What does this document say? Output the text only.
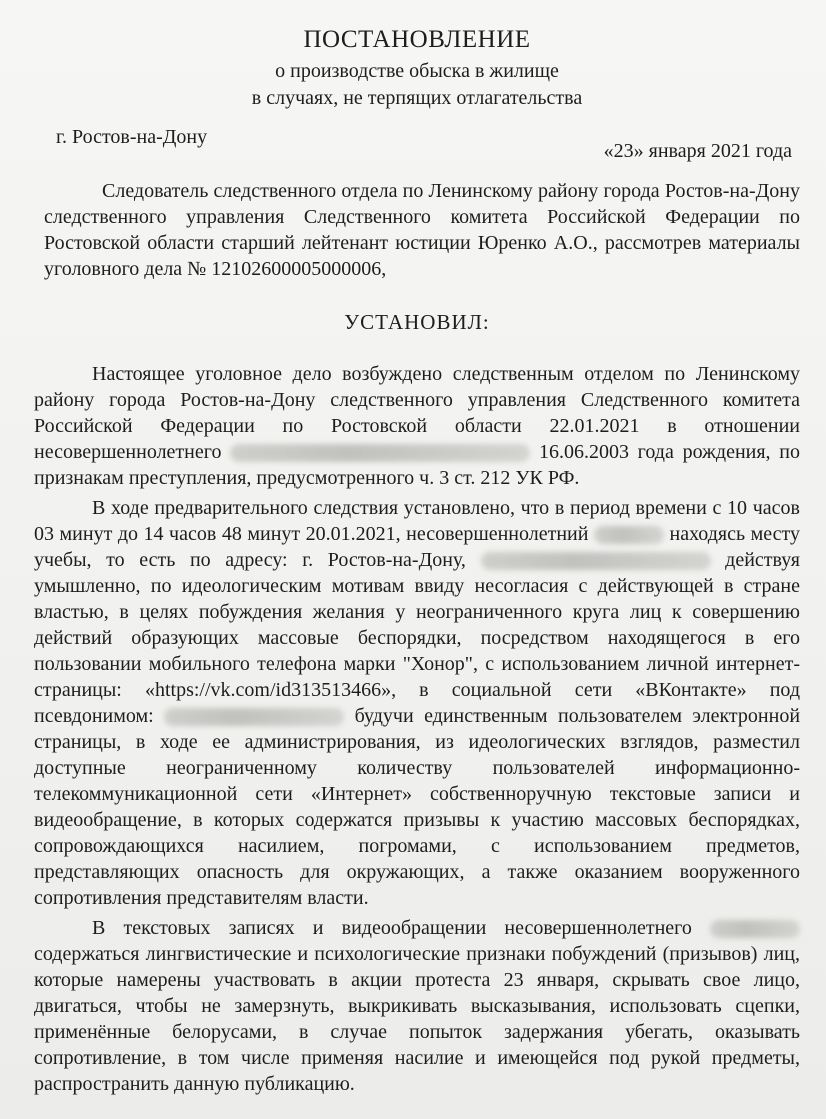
ПОСТАНОВЛЕНИЕ
о производстве обыска в жилище
в случаях, не терпящих отлагательства
г. Ростов-на-Дону
«23» января 2021 года

Следователь следственного отдела по Ленинскому району города Ростов-на-Дону следственного управления Следственного комитета Российской Федерации по Ростовской области старший лейтенант юстиции Юренко А.О., рассмотрев материалы уголовного дела № 12102600005000006,

УСТАНОВИЛ:

Настоящее уголовное дело возбуждено следственным отделом по Ленинскому району города Ростов-на-Дону следственного управления Следственного комитета Российской Федерации по Ростовской области 22.01.2021 в отношении несовершеннолетнего	16.06.2003 года рождения, по признакам преступления, предусмотренного ч. 3 ст. 212 УК РФ.

В ходе предварительного следствия установлено, что в период времени с 10 часов 03 минут до 14 часов 48 минут 20.01.2021, несовершеннолетний	находясь месту учебы, то есть по адресу: г. Ростов-на-Дону,	действуя умышленно, по идеологическим мотивам ввиду несогласия с действующей в стране властью, в целях побуждения желания у неограниченного круга лиц к совершению действий образующих массовые беспорядки, посредством находящегося в его пользовании мобильного телефона марки "Хонор", с использованием личной интернет-страницы: «https://vk.com/id313513466», в социальной сети «ВКонтакте» под псевдонимом:	будучи единственным пользователем электронной страницы, в ходе ее администрирования, из идеологических взглядов, разместил доступные неограниченному количеству пользователей информационно-телекоммуникационной сети «Интернет» собственноручную текстовые записи и видеообращение, в которых содержатся призывы к участию массовых беспорядках, сопровождающихся насилием, погромами, с использованием предметов, представляющих опасность для окружающих, а также оказанием вооруженного сопротивления представителям власти.

В текстовых записях и видеообращении несовершеннолетнего  содержаться лингвистические и психологические признаки побуждений (призывов) лиц, которые намерены участвовать в акции протеста 23 января, скрывать свое лицо, двигаться, чтобы не замерзнуть, выкрикивать высказывания, использовать сцепки, применённые белорусами, в случае попыток задержания убегать, оказывать сопротивление, в том числе применяя насилие и имеющейся под рукой предметы, распространить данную публикацию.
